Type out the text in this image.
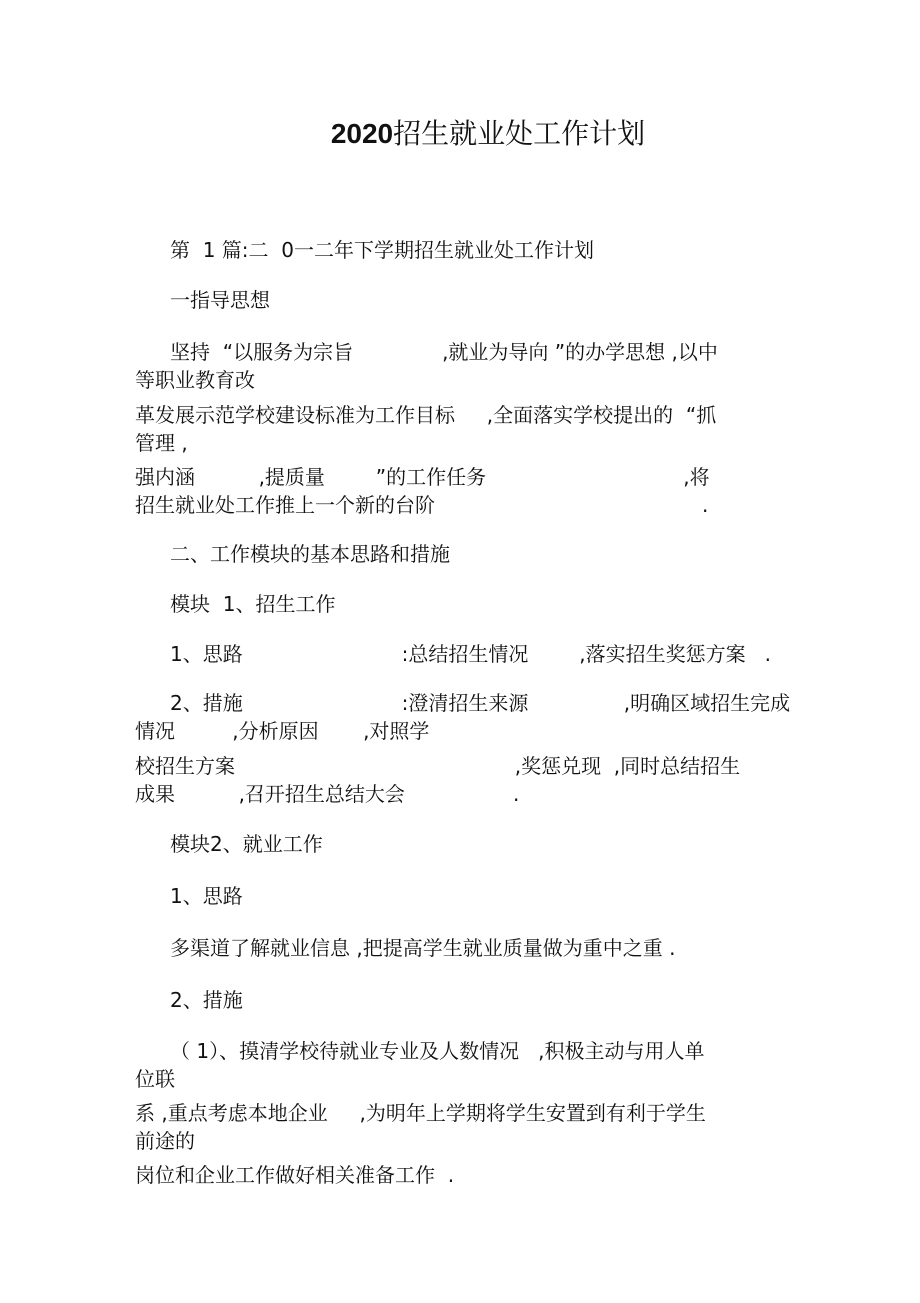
2020招生就业处工作计划

第  1 篇:二  0一二年下学期招生就业处工作计划

一指导思想

坚持  “以服务为宗旨              ,就业为导向 ”的办学思想 ,以中

等职业教育改

革发展示范学校建设标准为工作目标     ,全面落实学校提出的  “抓

管理 ,

强内涵          ,提质量        ”的工作任务                               ,将

招生就业处工作推上一个新的台阶                                          .

二、工作模块的基本思路和措施

模块  1、招生工作

1、思路                         :总结招生情况        ,落实招生奖惩方案   .

2、措施                         :澄清招生来源               ,明确区域招生完成

情况         ,分析原因       ,对照学

校招生方案                                            ,奖惩兑现  ,同时总结招生

成果          ,召开招生总结大会                 .

模块2、就业工作

1、思路

多渠道了解就业信息 ,把提高学生就业质量做为重中之重 .

2、措施

（ 1）、摸清学校待就业专业及人数情况   ,积极主动与用人单

位联

系 ,重点考虑本地企业     ,为明年上学期将学生安置到有利于学生

前途的

岗位和企业工作做好相关准备工作  .
